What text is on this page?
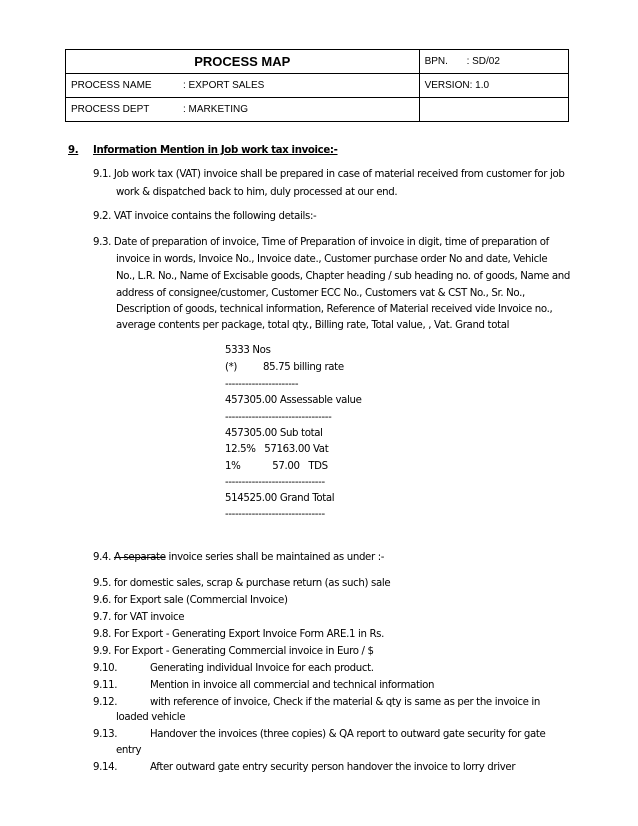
PROCESS MAP	BPN. : SD/02
PROCESS NAME : EXPORT SALES	VERSION: 1.0
PROCESS DEPT : MARKETING	
9. Information Mention in Job work tax invoice:-
9.1. Job work tax (VAT) invoice shall be prepared in case of material received from customer for job
work & dispatched back to him, duly processed at our end.
9.2. VAT invoice contains the following details:-
9.3. Date of preparation of invoice, Time of Preparation of invoice in digit, time of preparation of
invoice in words, Invoice No., Invoice date., Customer purchase order No and date, Vehicle
No., L.R. No., Name of Excisable goods, Chapter heading / sub heading no. of goods, Name and
address of consignee/customer, Customer ECC No., Customers vat & CST No., Sr. No.,
Description of goods, technical information, Reference of Material received vide Invoice no.,
average contents per package, total qty., Billing rate, Total value, , Vat. Grand total
5333 Nos
(*)         85.75 billing rate
----------------------
457305.00 Assessable value
--------------------------------
457305.00 Sub total
12.5%   57163.00 Vat
1%           57.00   TDS
------------------------------
514525.00 Grand Total
------------------------------
9.4. A separate invoice series shall be maintained as under :-
9.5. for domestic sales, scrap & purchase return (as such) sale
9.6. for Export sale (Commercial Invoice)
9.7. for VAT invoice
9.8. For Export - Generating Export Invoice Form ARE.1 in Rs.
9.9. For Export - Generating Commercial invoice in Euro / $
9.10.	Generating individual Invoice for each product.
9.11.	Mention in invoice all commercial and technical information
9.12.	with reference of invoice, Check if the material & qty is same as per the invoice in
loaded vehicle
9.13.	Handover the invoices (three copies) & QA report to outward gate security for gate
entry
9.14.	After outward gate entry security person handover the invoice to lorry driver
